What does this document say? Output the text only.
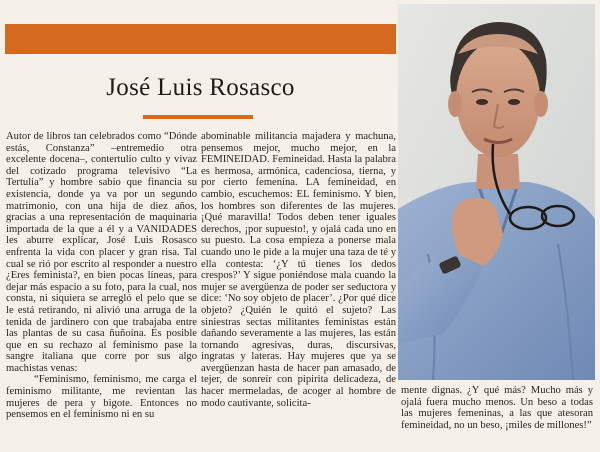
José Luis Rosasco

Autor de libros tan celebrados como “Dónde estás, Constanza” –entremedio otra excelente docena–, contertulio culto y vivaz del cotizado programa televisivo “La Tertulia” y hombre sabio que financia su existencia, donde ya va por un segundo matrimonio, con una hija de diez años, gracias a una representación de maquinaria importada de la que a él y a VANIDADES les aburre explicar, José Luis Rosasco enfrenta la vida con placer y gran risa. Tal cual se rió por escrito al responder a nuestro ¿Eres feminista?, en bien pocas líneas, para dejar más espacio a su foto, para la cual, nos consta, ni siquiera se arregló el pelo que se le está retirando, ni alivió una arruga de la tenida de jardinero con que trabajaba entre las plantas de su casa ñuñoína. Es posible que en su rechazo al feminismo pase la sangre italiana que corre por sus algo machistas venas:

“Feminismo, feminismo, me carga el feminismo militante, me revientan las mujeres de pera y bigote. Entonces no pensemos en el feminismo ni en su

abominable militancia majadera y machuna, pensemos mejor, mucho mejor, en la FEMINEIDAD. Femineidad. Hasta la palabra es hermosa, armónica, cadenciosa, tierna, y por cierto femenina. LA femineidad, en cambio, escuchemos: EL feminismo. Y bien, los hombres son diferentes de las mujeres. ¡Qué maravilla! Todos deben tener iguales derechos, ¡por supuesto!, y ojalá cada uno en su puesto. La cosa empieza a ponerse mala cuando uno le pide a la mujer una taza de té y ella contesta: ‘¿Y tú tienes los dedos crespos?’ Y sigue poniéndose mala cuando la mujer se avergüenza de poder ser seductora y dice: ‘No soy objeto de placer’. ¿Por qué dice objeto? ¿Quién le quitó el sujeto? Las siniestras sectas militantes feministas están dañando severamente a las mujeres, las están tornando agresivas, duras, discursivas, ingratas y lateras. Hay mujeres que ya se avergüenzan hasta de hacer pan amasado, de tejer, de sonreír con pipirita delicadeza, de hacer mermeladas, de acoger al hombre de modo cautivante, solicita-

mente dignas. ¿Y qué más? Mucho más y ojalá fuera mucho menos. Un beso a todas las mujeres femeninas, a las que atesoran femineidad, no un beso, ¡miles de millones!”
